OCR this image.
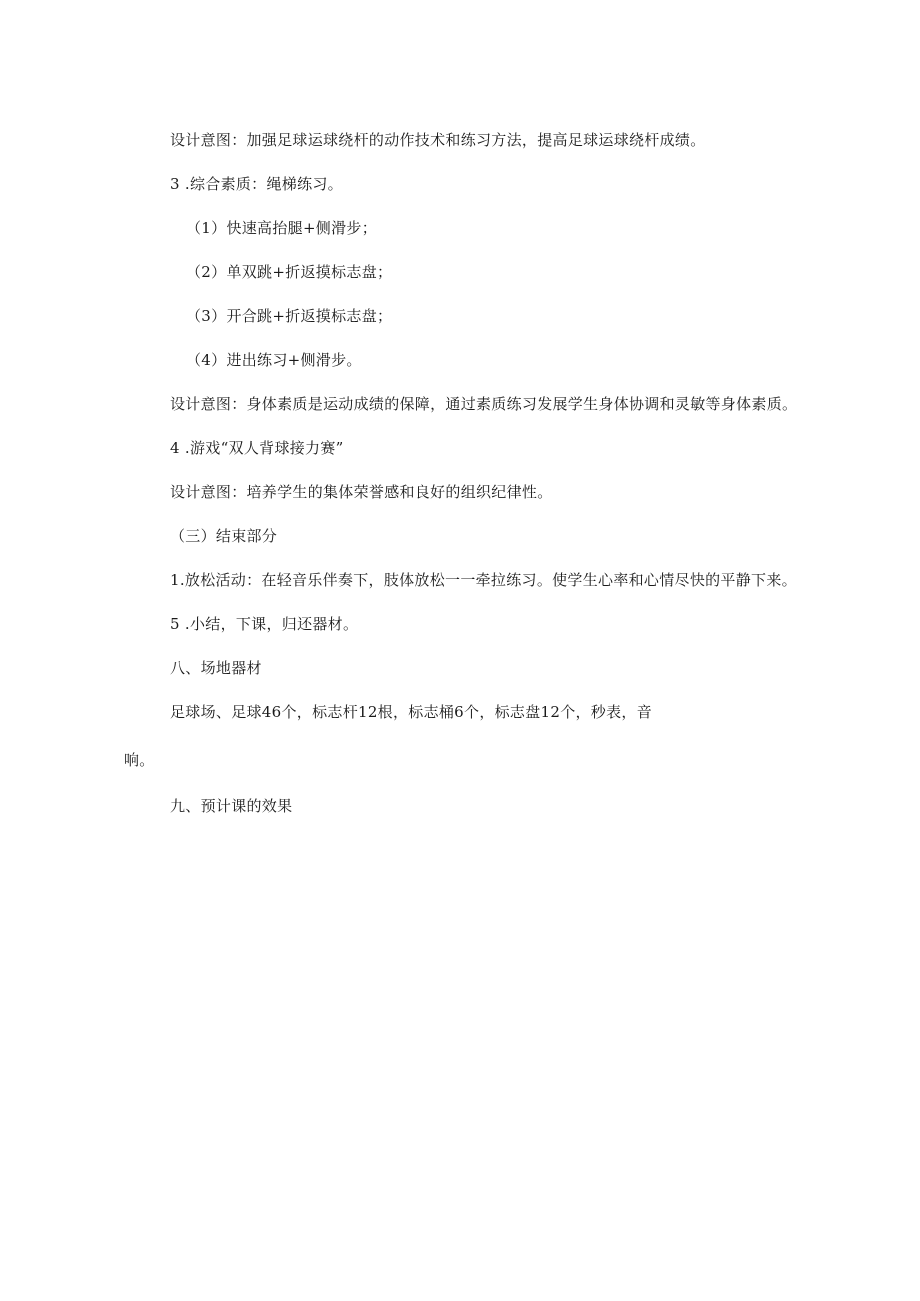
设计意图：加强足球运球绕杆的动作技术和练习方法，提高足球运球绕杆成绩。
3 .综合素质：绳梯练习。
（1）快速高抬腿+侧滑步；
（2）单双跳+折返摸标志盘；
（3）开合跳+折返摸标志盘；
（4）进出练习+侧滑步。
设计意图：身体素质是运动成绩的保障，通过素质练习发展学生身体协调和灵敏等身体素质。
4 .游戏“双人背球接力赛”
设计意图：培养学生的集体荣誉感和良好的组织纪律性。
（三）结束部分
1.放松活动：在轻音乐伴奏下，肢体放松一一牵拉练习。使学生心率和心情尽快的平静下来。
5 .小结，下课，归还器材。
八、场地器材
足球场、足球46个，标志杆12根，标志桶6个，标志盘12个，秒表，音
响。
九、预计课的效果
